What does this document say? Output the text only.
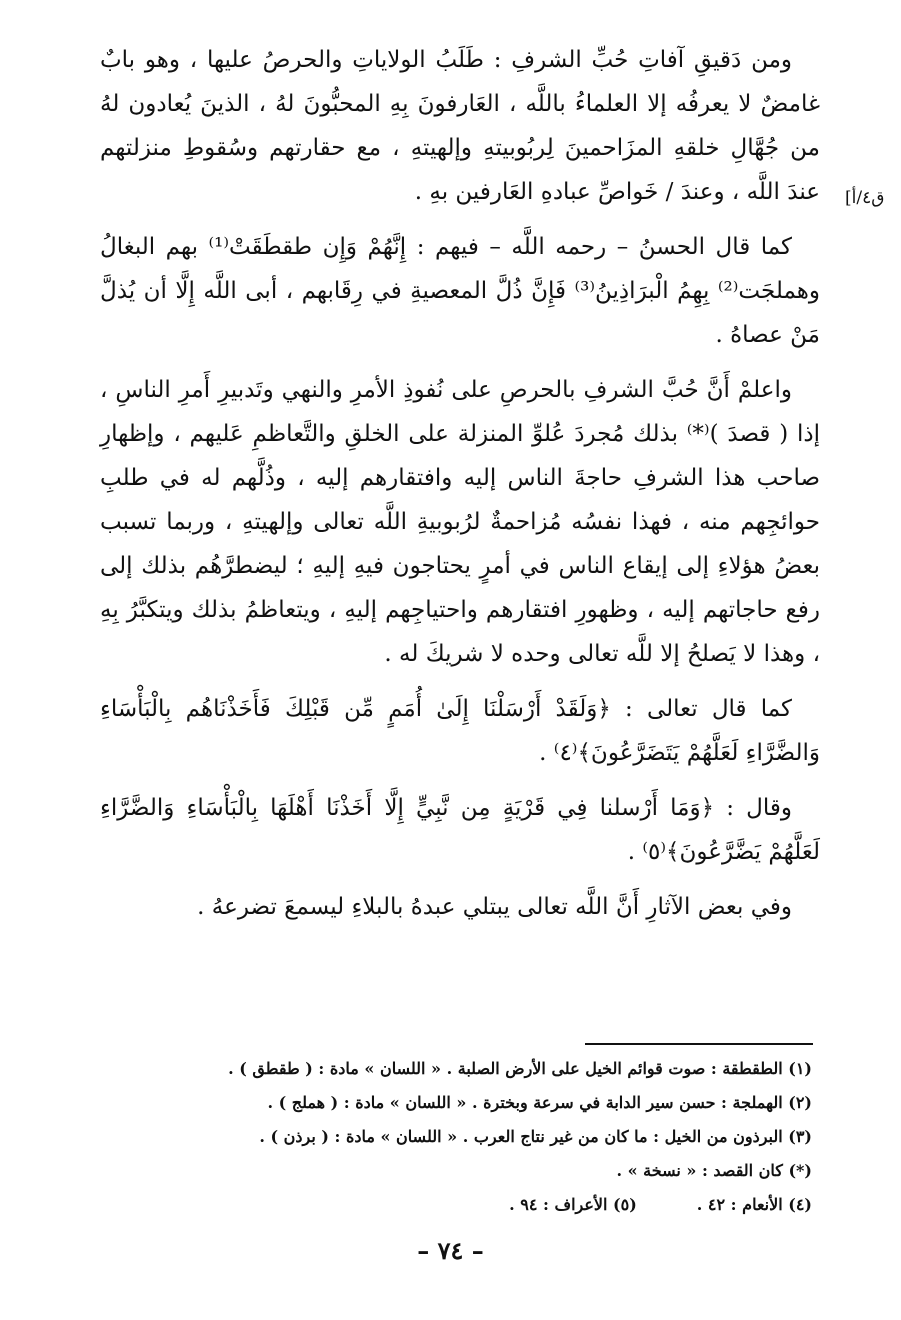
ومن دَقيقِ آفاتِ حُبِّ الشرفِ : طَلَبُ الولاياتِ والحرصُ عليها ، وهو بابٌ غامضٌ لا يعرفُه إلا العلماءُ باللَّه ، العَارفونَ بِهِ المحبُّونَ لهُ ، الذينَ يُعادون لهُ من جُهَّالِ خلقهِ المزَاحمينَ لِربُوبيتهِ وإلهيتهِ ، مع حقارتهم وسُقوطِ منزلتهم عندَ اللَّه ، وعندَ / خَواصِّ عبادهِ العَارفين بهِ .

كما قال الحسنُ – رحمه اللَّه – فيهم : إِنَّهُمْ وَإِن طقطَقَتْ⁽¹⁾ بهم البغالُ وهملجَت⁽²⁾ بِهِمُ الْبرَاذِينُ⁽³⁾ فَإِنَّ ذُلَّ المعصيةِ في رِقَابهم ، أبى اللَّه إِلَّا أن يُذلَّ مَنْ عصاهُ .

واعلمْ أَنَّ حُبَّ الشرفِ بالحرصِ على نُفوذِ الأمرِ والنهي وتَدبيرِ أَمرِ الناسِ ، إذا ( قصدَ )⁽*⁾ بذلك مُجردَ عُلوِّ المنزلة على الخلقِ والتَّعاظمِ عَليهم ، وإظهارِ صاحب هذا الشرفِ حاجةَ الناس إليه وافتقارهم إليه ، وذُلَّهم له في طلبِ حوائجِهم منه ، فهذا نفسُه مُزاحمةٌ لرُبوبيةِ اللَّه تعالى وإلهيتهِ ، وربما تسبب بعضُ هؤلاءِ إلى إيقاع الناس في أمرٍ يحتاجون فيهِ إليهِ ؛ ليضطرَّهُم بذلك إلى رفع حاجاتهم إليه ، وظهورِ افتقارهم واحتياجِهم إليهِ ، ويتعاظمُ بذلك ويتكبَّرُ بِهِ ، وهذا لا يَصلحُ إلا للَّه تعالى وحده لا شريكَ له .

كما قال تعالى : ﴿وَلَقَدْ أَرْسَلْنَا إِلَىٰ أُمَمٍ مِّن قَبْلِكَ فَأَخَذْنَاهُم بِالْبَأْسَاءِ وَالضَّرَّاءِ لَعَلَّهُمْ يَتَضَرَّعُونَ﴾⁽٤⁾ .

وقال : ﴿وَمَا أَرْسلنا فِي قَرْيَةٍ مِن نَّبِيٍّ إِلَّا أَخَذْنَا أَهْلَهَا بِالْبَأْسَاءِ وَالضَّرَّاءِ لَعَلَّهُمْ يَضَّرَّعُونَ﴾⁽٥⁾ .

وفي بعض الآثارِ أَنَّ اللَّه تعالى يبتلي عبدهُ بالبلاءِ ليسمعَ تضرعهُ .

ق٤/أ]
(١) الطقطقة : صوت قوائم الخيل على الأرض الصلبة . « اللسان » مادة : ( طقطق ) .
(٢) الهملجة : حسن سير الدابة في سرعة وبخترة . « اللسان » مادة : ( هملج ) .
(٣) البرذون من الخيل : ما كان من غير نتاج العرب . « اللسان » مادة : ( برذن ) .
(*) كان القصد : « نسخة » .
(٤) الأنعام : ٤٢ .
(٥) الأعراف : ٩٤ .
– ٧٤ –
